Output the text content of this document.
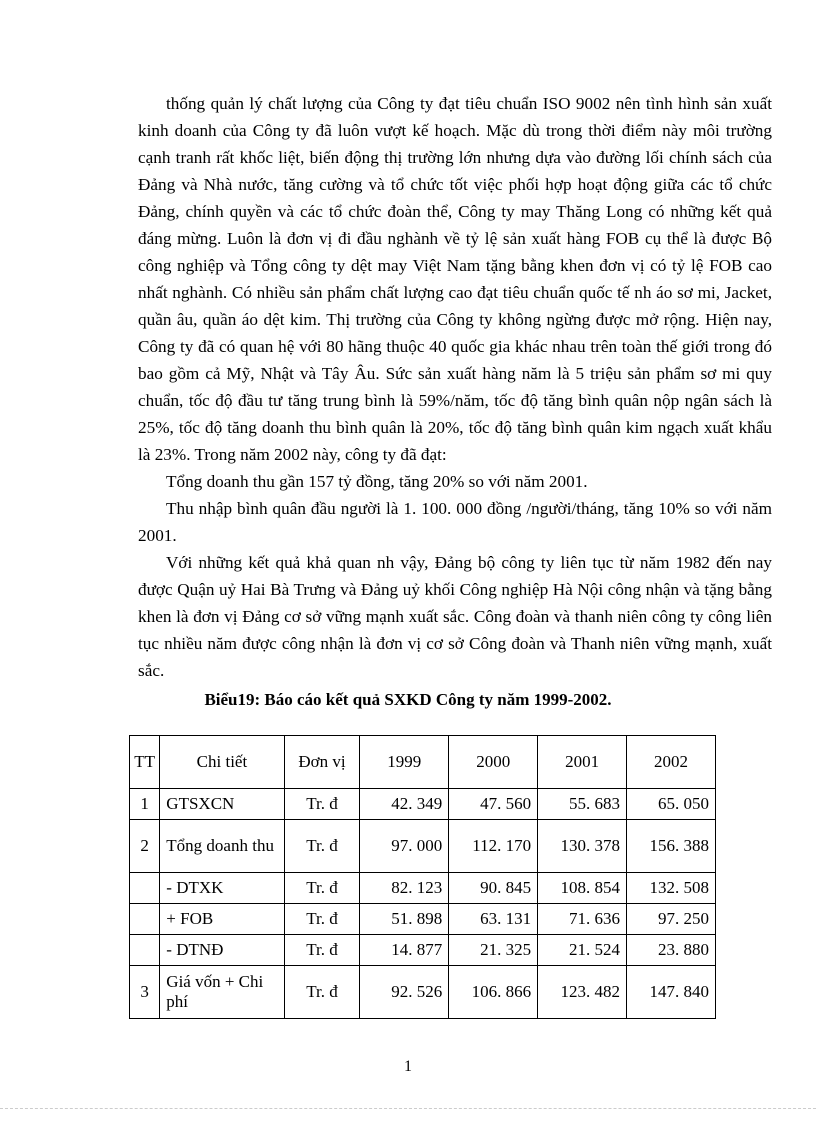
thống quản lý chất lượng của Công ty đạt tiêu chuẩn ISO 9002 nên tình hình sản xuất kinh doanh của Công ty đã luôn vượt kế hoạch. Mặc dù trong thời điểm này môi trường cạnh tranh rất khốc liệt, biến động thị trường lớn nhưng dựa vào đường lối chính sách của Đảng và Nhà nước, tăng cường và tổ chức tốt việc phối hợp hoạt động giữa các tổ chức Đảng, chính quyền và các tổ chức đoàn thể, Công ty may Thăng Long có những kết quả đáng mừng. Luôn là đơn vị đi đầu nghành về tỷ lệ sản xuất hàng FOB cụ thể là được Bộ công nghiệp và Tổng công ty dệt may Việt Nam tặng bằng khen đơn vị có tỷ lệ FOB cao nhất nghành. Có nhiều sản phẩm chất lượng cao đạt tiêu chuẩn quốc tế nh áo sơ mi, Jacket, quần âu, quần áo dệt kim. Thị trường của Công ty không ngừng được mở rộng. Hiện nay, Công ty đã có quan hệ với 80 hãng thuộc 40 quốc gia khác nhau trên toàn thế giới trong đó bao gồm cả Mỹ, Nhật và Tây Âu. Sức sản xuất hàng năm là 5 triệu sản phẩm sơ mi quy chuẩn, tốc độ đầu tư tăng trung bình là 59%/năm, tốc độ tăng bình quân nộp ngân sách là 25%, tốc độ tăng doanh thu bình quân là 20%, tốc độ tăng bình quân kim ngạch xuất khẩu là 23%. Trong năm 2002 này, công ty đã đạt:

Tổng doanh thu gần 157 tỷ đồng, tăng 20% so với năm 2001.

Thu nhập bình quân đầu người là 1. 100. 000 đồng /người/tháng, tăng 10% so với năm 2001.

Với những kết quả khả quan nh vậy, Đảng bộ công ty liên tục từ năm 1982 đến nay được Quận uỷ Hai Bà Trưng và Đảng uỷ khối Công nghiệp Hà Nội công nhận và tặng bằng khen là đơn vị Đảng cơ sở vững mạnh xuất sắc. Công đoàn và thanh niên công ty công liên tục nhiều năm được công nhận là đơn vị cơ sở Công đoàn và Thanh niên vững mạnh, xuất sắc.

Biểu19: Báo cáo kết quả SXKD Công ty năm 1999-2002.
TT	Chi tiết	Đơn vị	1999	2000	2001	2002
1	GTSXCN	Tr. đ	42. 349	47. 560	55. 683	65. 050
2	Tổng doanh thu	Tr. đ	97. 000	112. 170	130. 378	156. 388
	- DTXK	Tr. đ	82. 123	90. 845	108. 854	132. 508
	+ FOB	Tr. đ	51. 898	63. 131	71. 636	97. 250
	- DTNĐ	Tr. đ	14. 877	21. 325	21. 524	23. 880
3	Giá vốn + Chi phí	Tr. đ	92. 526	106. 866	123. 482	147. 840
1
